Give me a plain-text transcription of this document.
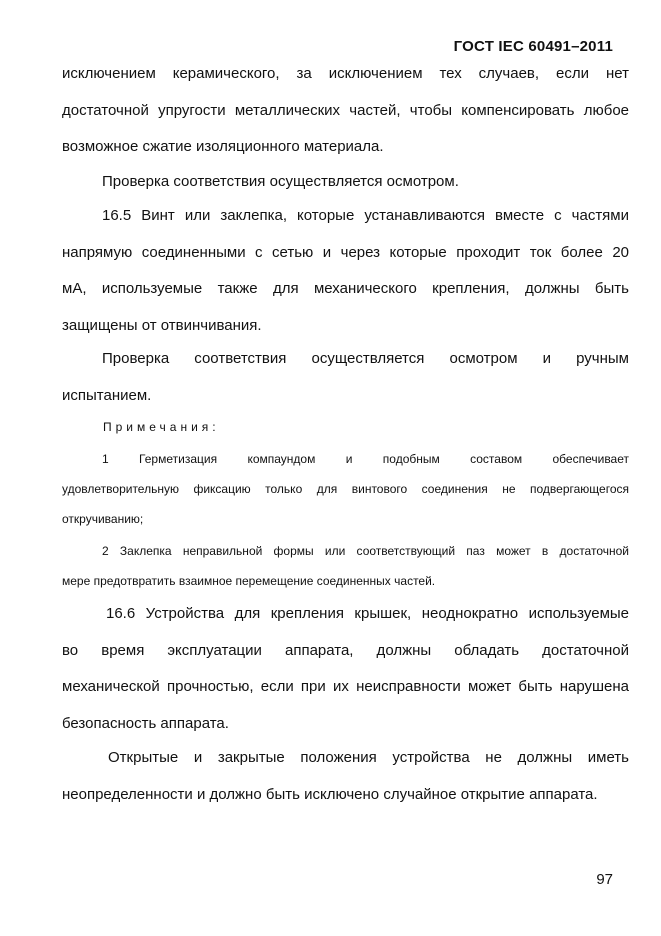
ГОСТ IEC 60491–2011
исключением керамического, за исключением тех случаев, если нет
достаточной упругости металлических частей, чтобы компенсировать любое
возможное сжатие изоляционного материала.
Проверка соответствия осуществляется осмотром.
16.5 Винт или заклепка, которые устанавливаются вместе с частями
напрямую соединенными с сетью и через которые проходит ток более 20
мА, используемые также для механического крепления, должны быть
защищены от отвинчивания.
Проверка соответствия осуществляется осмотром и ручным
испытанием.
Примечания:
1 Герметизация компаундом и подобным составом обеспечивает
удовлетворительную фиксацию только для винтового соединения не подвергающегося
откручиванию;
2 Заклепка неправильной формы или соответствующий паз может в достаточной
мере предотвратить взаимное перемещение соединенных частей.
16.6 Устройства для крепления крышек, неоднократно используемые
во время эксплуатации аппарата, должны обладать достаточной
механической прочностью, если при их неисправности может быть нарушена
безопасность аппарата.
Открытые и закрытые положения устройства не должны иметь
неопределенности и должно быть исключено случайное открытие аппарата.
97
